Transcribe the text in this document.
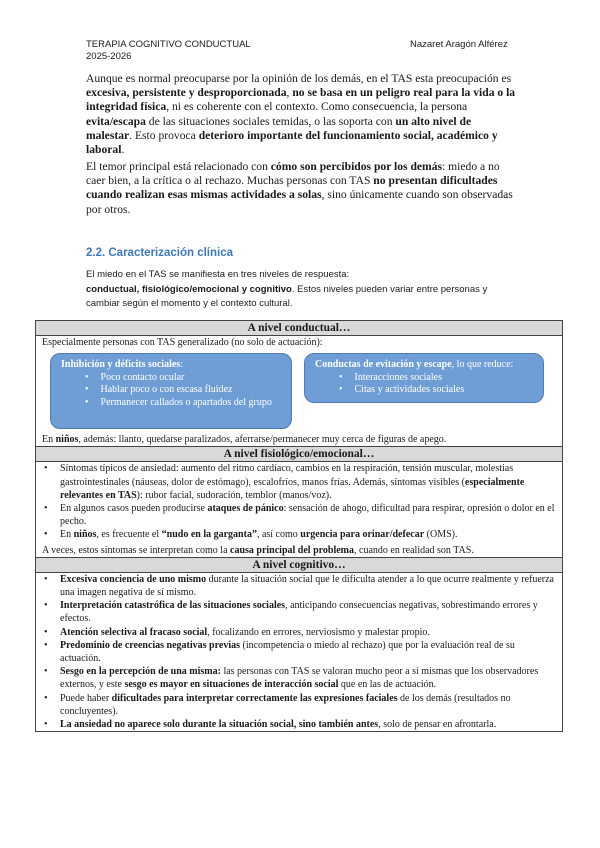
TERAPIA COGNITIVO CONDUCTUAL
2025-2026
Nazaret Aragón Alférez

Aunque es normal preocuparse por la opinión de los demás, en el TAS esta preocupación es excesiva, persistente y desproporcionada, no se basa en un peligro real para la vida o la integridad física, ni es coherente con el contexto. Como consecuencia, la persona evita/escapa de las situaciones sociales temidas, o las soporta con un alto nivel de malestar. Esto provoca deterioro importante del funcionamiento social, académico y laboral.

El temor principal está relacionado con cómo son percibidos por los demás: miedo a no caer bien, a la crítica o al rechazo. Muchas personas con TAS no presentan dificultades cuando realizan esas mismas actividades a solas, sino únicamente cuando son observadas por otros.

2.2. Caracterización clínica
El miedo en el TAS se manifiesta en tres niveles de respuesta:
conductual, fisiológico/emocional y cognitivo. Estos niveles pueden variar entre personas y cambiar según el momento y el contexto cultural.
A nivel conductual…

Especialmente personas con TAS generalizado (no solo de actuación):
Inhibición y déficits sociales:
• Poco contacto ocular
• Hablar poco o con escasa fluidez
• Permanecer callados o apartados del grupo
Conductas de evitación y escape, lo que reduce:
• Interacciones sociales
• Citas y actividades sociales
En niños, además: llanto, quedarse paralizados, aferrarse/permanecer muy cerca de figuras de apego.

A nivel fisiológico/emocional…

• Síntomas típicos de ansiedad: aumento del ritmo cardíaco, cambios en la respiración, tensión muscular, molestias gastrointestinales (náuseas, dolor de estómago), escalofríos, manos frías. Además, síntomas visibles (especialmente relevantes en TAS): rubor facial, sudoración, temblor (manos/voz).
• En algunos casos pueden producirse ataques de pánico: sensación de ahogo, dificultad para respirar, opresión o dolor en el pecho.
• En niños, es frecuente el “nudo en la garganta”, así como urgencia para orinar/defecar (OMS).
A veces, estos síntomas se interpretan como la causa principal del problema, cuando en realidad son TAS.

A nivel cognitivo…

• Excesiva conciencia de uno mismo durante la situación social que le dificulta atender a lo que ocurre realmente y refuerza una imagen negativa de sí mismo.
• Interpretación catastrófica de las situaciones sociales, anticipando consecuencias negativas, sobrestimando errores y efectos.
• Atención selectiva al fracaso social, focalizando en errores, nerviosismo y malestar propio.
• Predominio de creencias negativas previas (incompetencia o miedo al rechazo) que por la evaluación real de su actuación.
• Sesgo en la percepción de una misma: las personas con TAS se valoran mucho peor a sí mismas que los observadores externos, y este sesgo es mayor en situaciones de interacción social que en las de actuación.
• Puede haber dificultades para interpretar correctamente las expresiones faciales de los demás (resultados no concluyentes).
• La ansiedad no aparece solo durante la situación social, sino también antes, solo de pensar en afrontarla.
